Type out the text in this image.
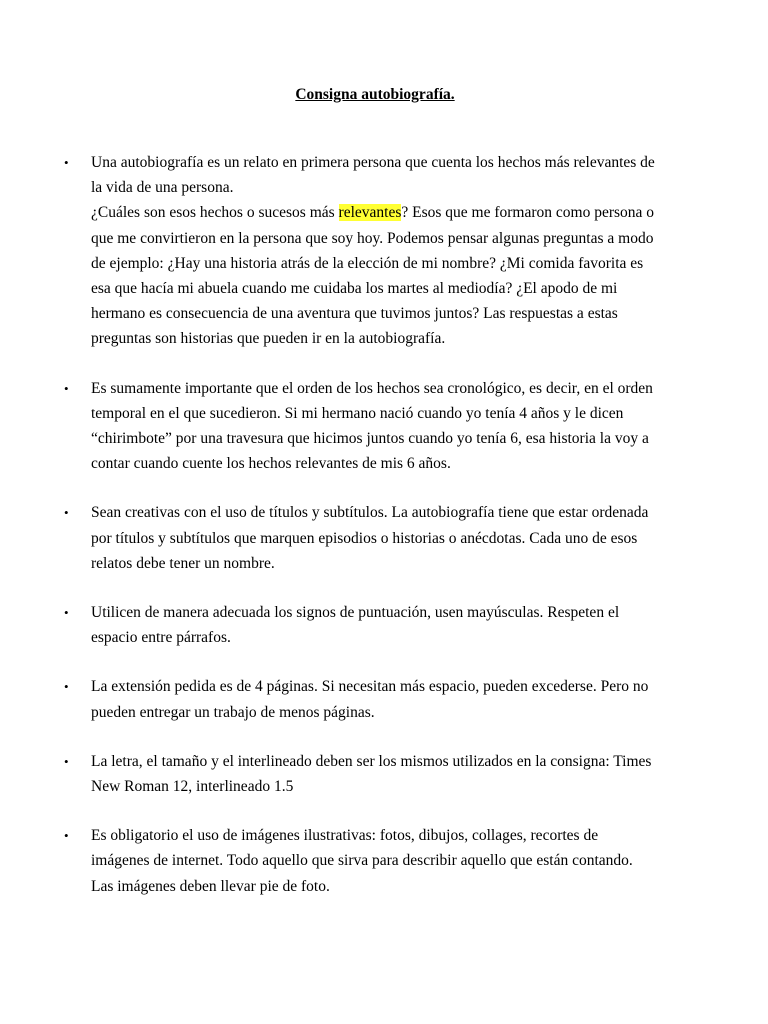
Consigna autobiografía.
• Una autobiografía es un relato en primera persona que cuenta los hechos más relevantes de
la vida de una persona.
¿Cuáles son esos hechos o sucesos más relevantes? Esos que me formaron como persona o
que me convirtieron en la persona que soy hoy. Podemos pensar algunas preguntas a modo
de ejemplo: ¿Hay una historia atrás de la elección de mi nombre? ¿Mi comida favorita es
esa que hacía mi abuela cuando me cuidaba los martes al mediodía? ¿El apodo de mi
hermano es consecuencia de una aventura que tuvimos juntos? Las respuestas a estas
preguntas son historias que pueden ir en la autobiografía.
• Es sumamente importante que el orden de los hechos sea cronológico, es decir, en el orden
temporal en el que sucedieron. Si mi hermano nació cuando yo tenía 4 años y le dicen
“chirimbote” por una travesura que hicimos juntos cuando yo tenía 6, esa historia la voy a
contar cuando cuente los hechos relevantes de mis 6 años.
• Sean creativas con el uso de títulos y subtítulos. La autobiografía tiene que estar ordenada
por títulos y subtítulos que marquen episodios o historias o anécdotas. Cada uno de esos
relatos debe tener un nombre.
• Utilicen de manera adecuada los signos de puntuación, usen mayúsculas. Respeten el
espacio entre párrafos.
• La extensión pedida es de 4 páginas. Si necesitan más espacio, pueden excederse. Pero no
pueden entregar un trabajo de menos páginas.
• La letra, el tamaño y el interlineado deben ser los mismos utilizados en la consigna: Times
New Roman 12, interlineado 1.5
• Es obligatorio el uso de imágenes ilustrativas: fotos, dibujos, collages, recortes de
imágenes de internet. Todo aquello que sirva para describir aquello que están contando.
Las imágenes deben llevar pie de foto.
